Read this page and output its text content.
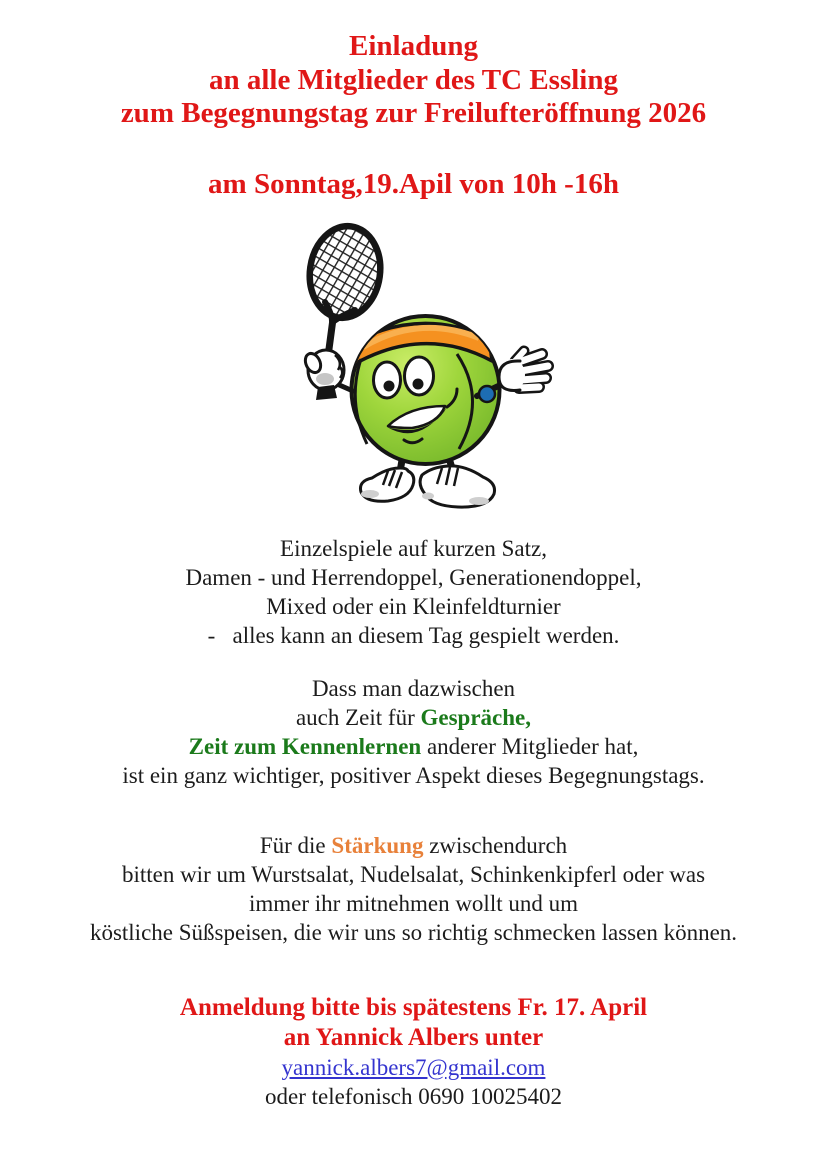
Einladung
an alle Mitglieder des TC Essling
zum Begegnungstag zur Freilufteröffnung 2026
am Sonntag,19.Apil von 10h -16h

Einzelspiele auf kurzen Satz,
Damen - und Herrendoppel, Generationendoppel,
Mixed oder ein Kleinfeldturnier
-   alles kann an diesem Tag gespielt werden.

Dass man dazwischen
auch Zeit für Gespräche,
Zeit zum Kennenlernen anderer Mitglieder hat,
ist ein ganz wichtiger, positiver Aspekt dieses Begegnungstags.

Für die Stärkung zwischendurch
bitten wir um Wurstsalat, Nudelsalat, Schinkenkipferl oder was
immer ihr mitnehmen wollt und um
köstliche Süßspeisen, die wir uns so richtig schmecken lassen können.

Anmeldung bitte bis spätestens Fr. 17. April
an Yannick Albers unter
yannick.albers7@gmail.com
oder telefonisch 0690 10025402
